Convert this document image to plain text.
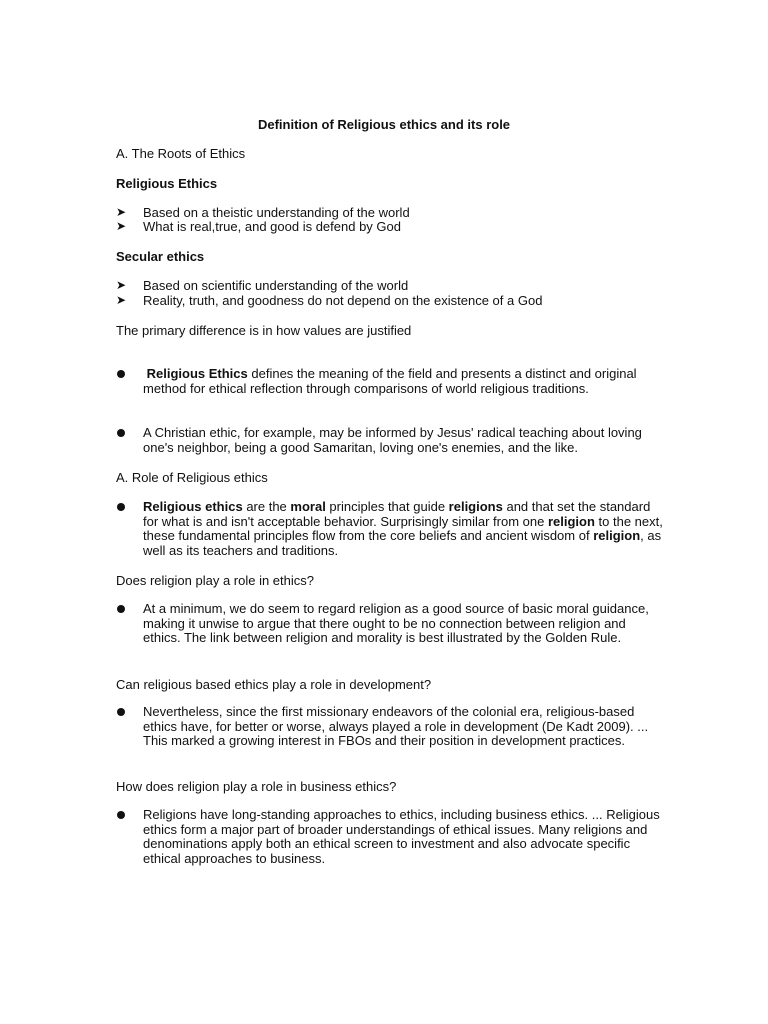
Definition of Religious ethics and its role
A. The Roots of Ethics
Religious Ethics
➤ Based on a theistic understanding of the world
➤ What is real,true, and good is defend by God
Secular ethics
➤ Based on scientific understanding of the world
➤ Reality, truth, and goodness do not depend on the existence of a God
The primary difference is in how values are justified
Religious Ethics defines the meaning of the field and presents a distinct and original method for ethical reflection through comparisons of world religious traditions.
A Christian ethic, for example, may be informed by Jesus' radical teaching about loving one's neighbor, being a good Samaritan, loving one's enemies, and the like.
A. Role of Religious ethics
Religious ethics are the moral principles that guide religions and that set the standard for what is and isn't acceptable behavior. Surprisingly similar from one religion to the next, these fundamental principles flow from the core beliefs and ancient wisdom of religion, as well as its teachers and traditions.
Does religion play a role in ethics?
At a minimum, we do seem to regard religion as a good source of basic moral guidance, making it unwise to argue that there ought to be no connection between religion and ethics. The link between religion and morality is best illustrated by the Golden Rule.
Can religious based ethics play a role in development?
Nevertheless, since the first missionary endeavors of the colonial era, religious-based ethics have, for better or worse, always played a role in development (De Kadt 2009). ... This marked a growing interest in FBOs and their position in development practices.
How does religion play a role in business ethics?
Religions have long-standing approaches to ethics, including business ethics. ... Religious ethics form a major part of broader understandings of ethical issues. Many religions and denominations apply both an ethical screen to investment and also advocate specific ethical approaches to business.
